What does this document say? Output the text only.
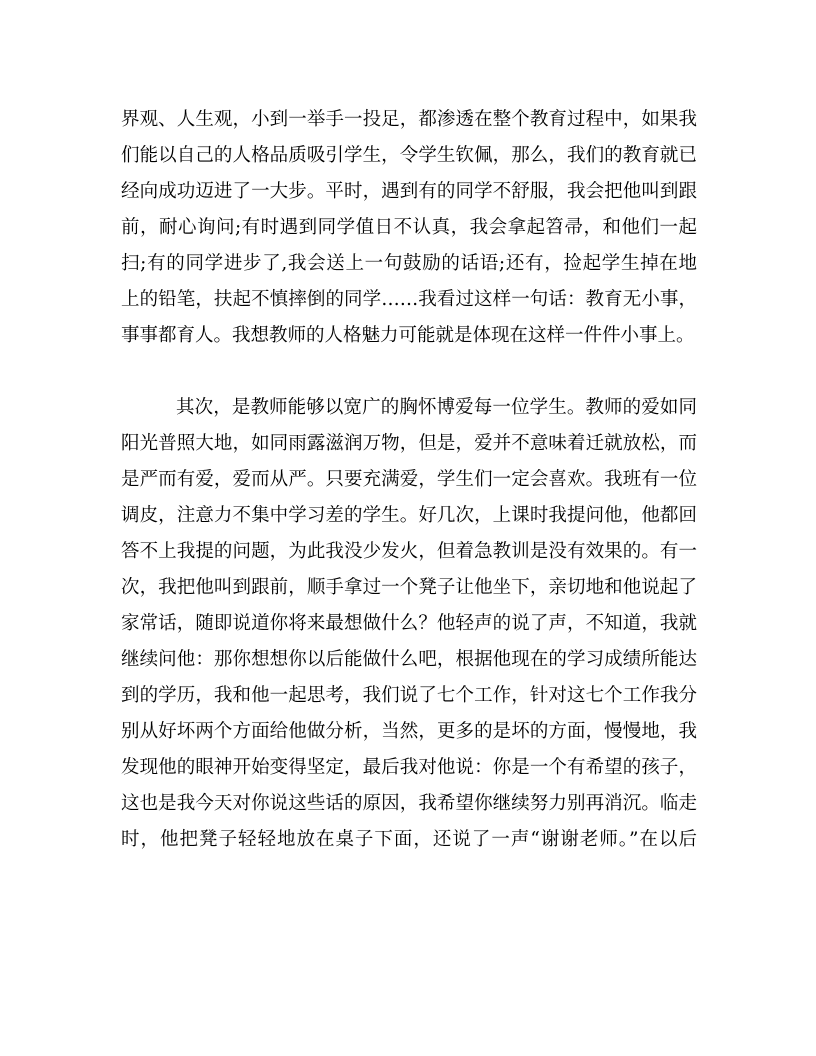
界观、人生观，小到一举手一投足，都渗透在整个教育过程中，如果我
们能以自己的人格品质吸引学生，令学生钦佩，那么，我们的教育就已
经向成功迈进了一大步。平时，遇到有的同学不舒服，我会把他叫到跟
前，耐心询问;有时遇到同学值日不认真，我会拿起笤帚，和他们一起
扫;有的同学进步了,我会送上一句鼓励的话语;还有，捡起学生掉在地
上的铅笔，扶起不慎摔倒的同学……我看过这样一句话：教育无小事，
事事都育人。我想教师的人格魅力可能就是体现在这样一件件小事上。
其次，是教师能够以宽广的胸怀博爱每一位学生。教师的爱如同
阳光普照大地，如同雨露滋润万物，但是，爱并不意味着迁就放松，而
是严而有爱，爱而从严。只要充满爱，学生们一定会喜欢。我班有一位
调皮，注意力不集中学习差的学生。好几次，上课时我提问他，他都回
答不上我提的问题，为此我没少发火，但着急教训是没有效果的。有一
次，我把他叫到跟前，顺手拿过一个凳子让他坐下，亲切地和他说起了
家常话，随即说道你将来最想做什么？他轻声的说了声，不知道，我就
继续问他：那你想想你以后能做什么吧，根据他现在的学习成绩所能达
到的学历，我和他一起思考，我们说了七个工作，针对这七个工作我分
别从好坏两个方面给他做分析，当然，更多的是坏的方面，慢慢地，我
发现他的眼神开始变得坚定，最后我对他说：你是一个有希望的孩子，
这也是我今天对你说这些话的原因，我希望你继续努力别再消沉。临走
时，他把凳子轻轻地放在桌子下面，还说了一声“谢谢老师。”在以后
